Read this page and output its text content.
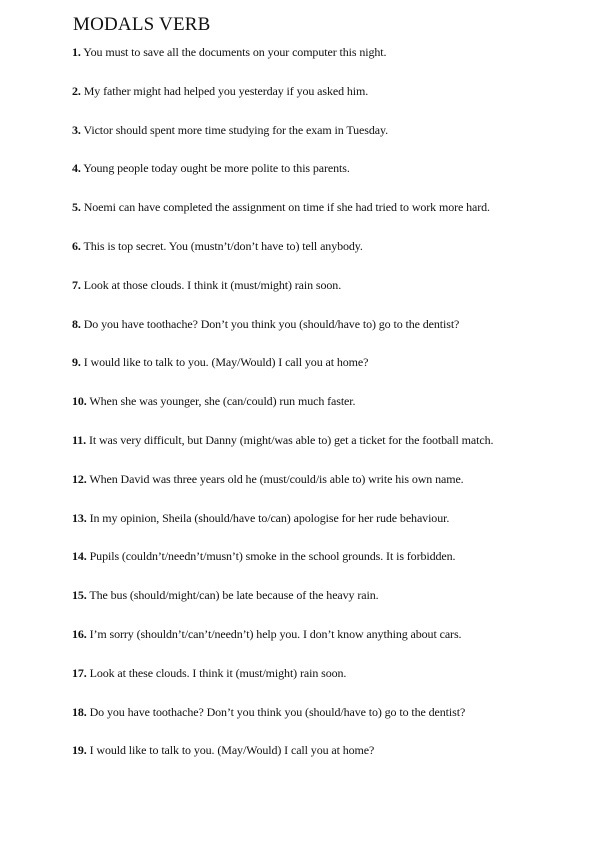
MODALS VERB
1. You must to save all the documents on your computer this night.
2. My father might had helped you yesterday if you asked him.
3. Victor should spent more time studying for the exam in Tuesday.
4. Young people today ought be more polite to this parents.
5. Noemi can have completed the assignment on time if she had tried to work more hard.
6. This is top secret. You (mustn’t/don’t have to) tell anybody.
7. Look at those clouds. I think it (must/might) rain soon.
8. Do you have toothache? Don’t you think you (should/have to) go to the dentist?
9. I would like to talk to you. (May/Would) I call you at home?
10. When she was younger, she (can/could) run much faster.
11. It was very difficult, but Danny (might/was able to) get a ticket for the football match.
12. When David was three years old he (must/could/is able to) write his own name.
13. In my opinion, Sheila (should/have to/can) apologise for her rude behaviour.
14. Pupils (couldn’t/needn’t/musn’t) smoke in the school grounds. It is forbidden.
15. The bus (should/might/can) be late because of the heavy rain.
16. I’m sorry (shouldn’t/can’t/needn’t) help you. I don’t know anything about cars.
17. Look at these clouds. I think it (must/might) rain soon.
18. Do you have toothache? Don’t you think you (should/have to) go to the dentist?
19. I would like to talk to you. (May/Would) I call you at home?
